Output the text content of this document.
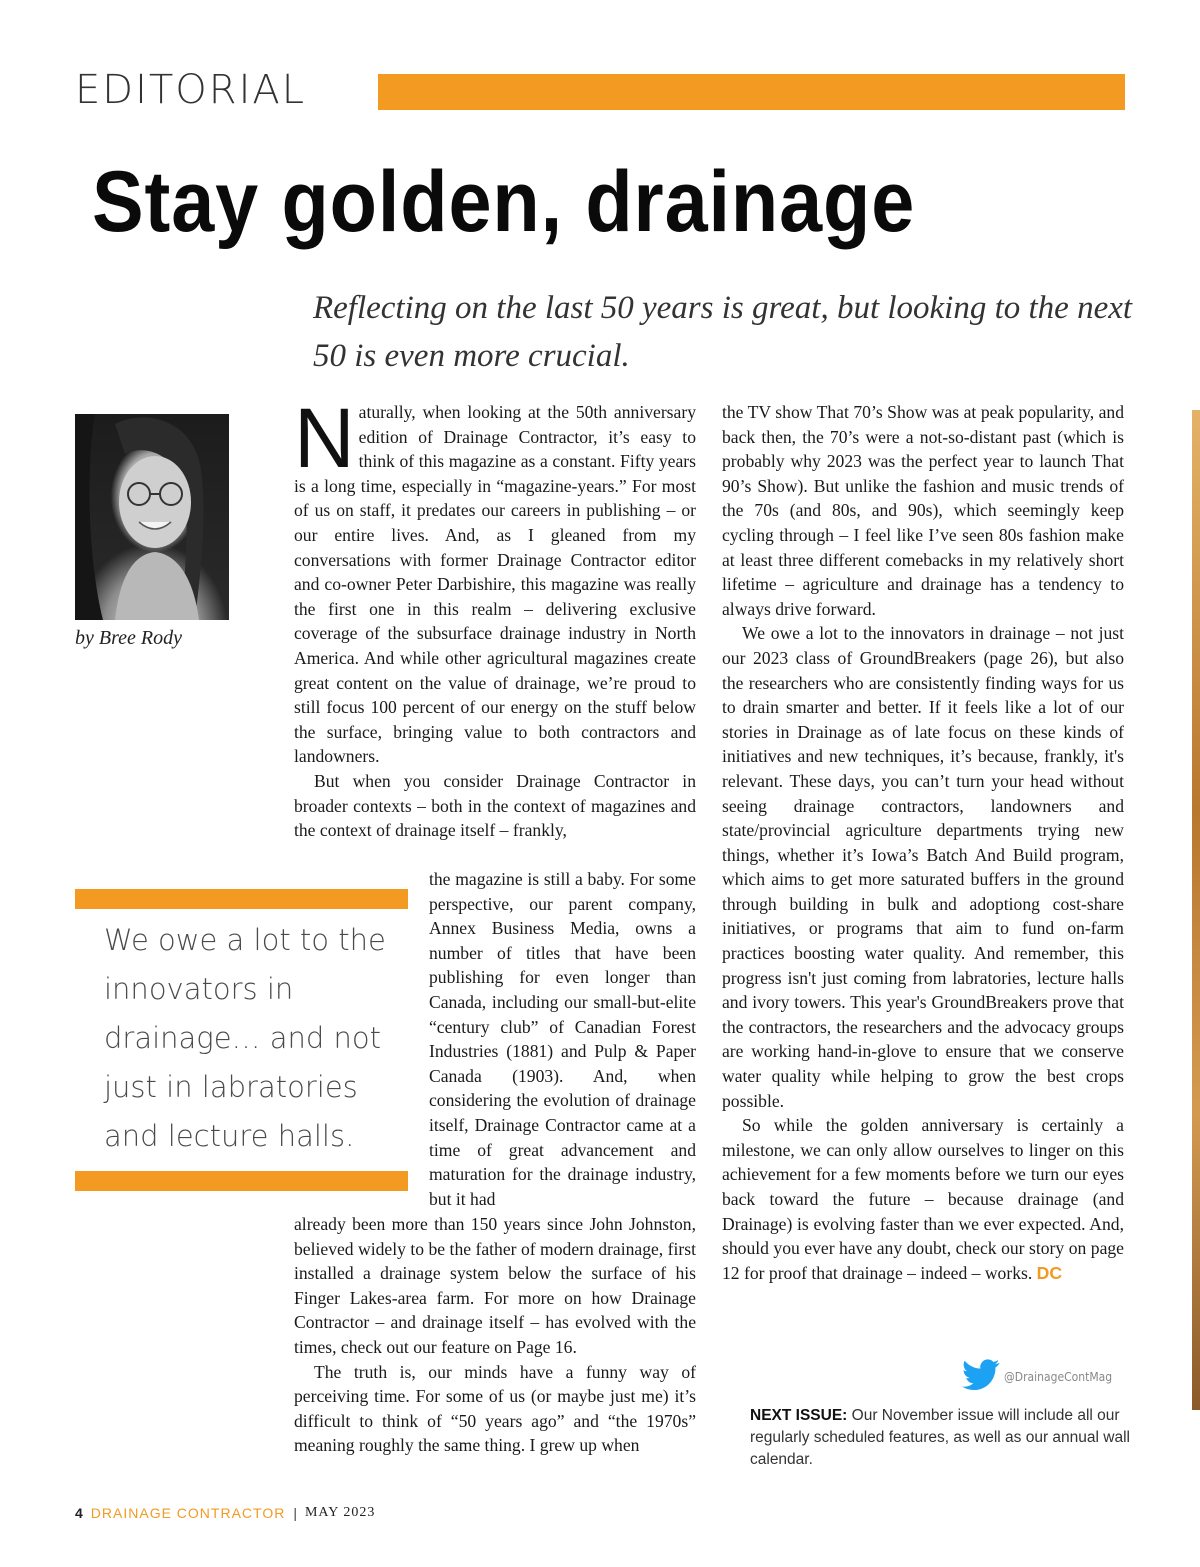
EDITORIAL
Stay golden, drainage
Reflecting on the last 50 years is great, but looking to the next 50 is even more crucial.
by Bree Rody

Naturally, when looking at the 50th anniversary edition of Drainage Contractor, it’s easy to think of this magazine as a constant. Fifty years is a long time, especially in “magazine-years.” For most of us on staff, it predates our careers in publishing – or our entire lives. And, as I gleaned from my conversations with former Drainage Contractor editor and co-owner Peter Darbishire, this magazine was really the first one in this realm – delivering exclusive coverage of the subsurface drainage industry in North America. And while other agricultural magazines create great content on the value of drainage, we’re proud to still focus 100 percent of our energy on the stuff below the surface, bringing value to both contractors and landowners.

But when you consider Drainage Contractor in broader contexts – both in the context of magazines and the context of drainage itself – frankly,

the magazine is still a baby. For some perspective, our parent company, Annex Business Media, owns a number of titles that have been publishing for even longer than Canada, including our small-but-elite “century club” of Canadian Forest Industries (1881) and Pulp & Paper Canada (1903). And, when considering the evolution of drainage itself, Drainage Contractor came at a time of great advancement and maturation for the drainage industry, but it had

already been more than 150 years since John Johnston, believed widely to be the father of modern drainage, first installed a drainage system below the surface of his Finger Lakes-area farm. For more on how Drainage Contractor – and drainage itself – has evolved with the times, check out our feature on Page 16.

The truth is, our minds have a funny way of perceiving time. For some of us (or maybe just me) it’s difficult to think of “50 years ago” and “the 1970s” meaning roughly the same thing. I grew up when

the TV show That 70’s Show was at peak popularity, and back then, the 70’s were a not-so-distant past (which is probably why 2023 was the perfect year to launch That 90’s Show). But unlike the fashion and music trends of the 70s (and 80s, and 90s), which seemingly keep cycling through – I feel like I’ve seen 80s fashion make at least three different comebacks in my relatively short lifetime – agriculture and drainage has a tendency to always drive forward.

We owe a lot to the innovators in drainage – not just our 2023 class of GroundBreakers (page 26), but also the researchers who are consistently finding ways for us to drain smarter and better. If it feels like a lot of our stories in Drainage as of late focus on these kinds of initiatives and new techniques, it’s because, frankly, it's relevant. These days, you can’t turn your head without seeing drainage contractors, landowners and state/provincial agriculture departments trying new things, whether it’s Iowa’s Batch And Build program, which aims to get more saturated buffers in the ground through building in bulk and adoptiong cost-share initiatives, or programs that aim to fund on-farm practices boosting water quality. And remember, this progress isn't just coming from labratories, lecture halls and ivory towers. This year's GroundBreakers prove that the contractors, the researchers and the advocacy groups are working hand-in-glove to ensure that we conserve water quality while helping to grow the best crops possible.

So while the golden anniversary is certainly a milestone, we can only allow ourselves to linger on this achievement for a few moments before we turn our eyes back toward the future – because drainage (and Drainage) is evolving faster than we ever expected. And, should you ever have any doubt, check our story on page 12 for proof that drainage – indeed – works. DC

We owe a lot to the innovators in drainage… and not just in labratories and lecture halls.
@DrainageContMag
NEXT ISSUE: Our November issue will include all our regularly scheduled features, as well as our annual wall calendar.
4 DRAINAGE CONTRACTOR | MAY 2023
